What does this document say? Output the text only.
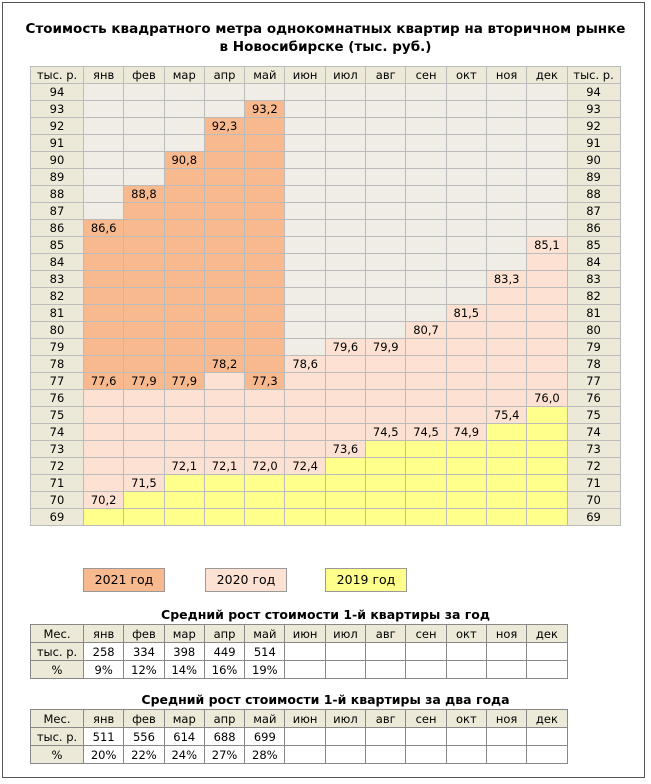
Стоимость квадратного метра однокомнатных квартир на вторичном рынке
в Новосибирске (тыс. руб.)
тыс. р.	янв	фев	мар	апр	май	июн	июл	авг	сен	окт	ноя	дек	тыс. р.
94													94
93					93,2								93
92				92,3									92
91													91
90			90,8										90
89													89
88		88,8											88
87													87
86	86,6												86
85												85,1	85
84													84
83											83,3		83
82													82
81										81,5			81
80									80,7				80
79							79,6	79,9					79
78				78,2		78,6							78
77	77,6	77,9	77,9		77,3								77
76												76,0	76
75											75,4		75
74								74,5	74,5	74,9			74
73							73,6						73
72			72,1	72,1	72,0	72,4							72
71		71,5											71
70	70,2												70
69													69
2021 год	2020 год	2019 год
Средний рост стоимости 1-й квартиры за год
Мес.	янв	фев	мар	апр	май	июн	июл	авг	сен	окт	ноя	дек
тыс. р.	258	334	398	449	514							
%	9%	12%	14%	16%	19%							
Средний рост стоимости 1-й квартиры за два года
Мес.	янв	фев	мар	апр	май	июн	июл	авг	сен	окт	ноя	дек
тыс. р.	511	556	614	688	699							
%	20%	22%	24%	27%	28%							
